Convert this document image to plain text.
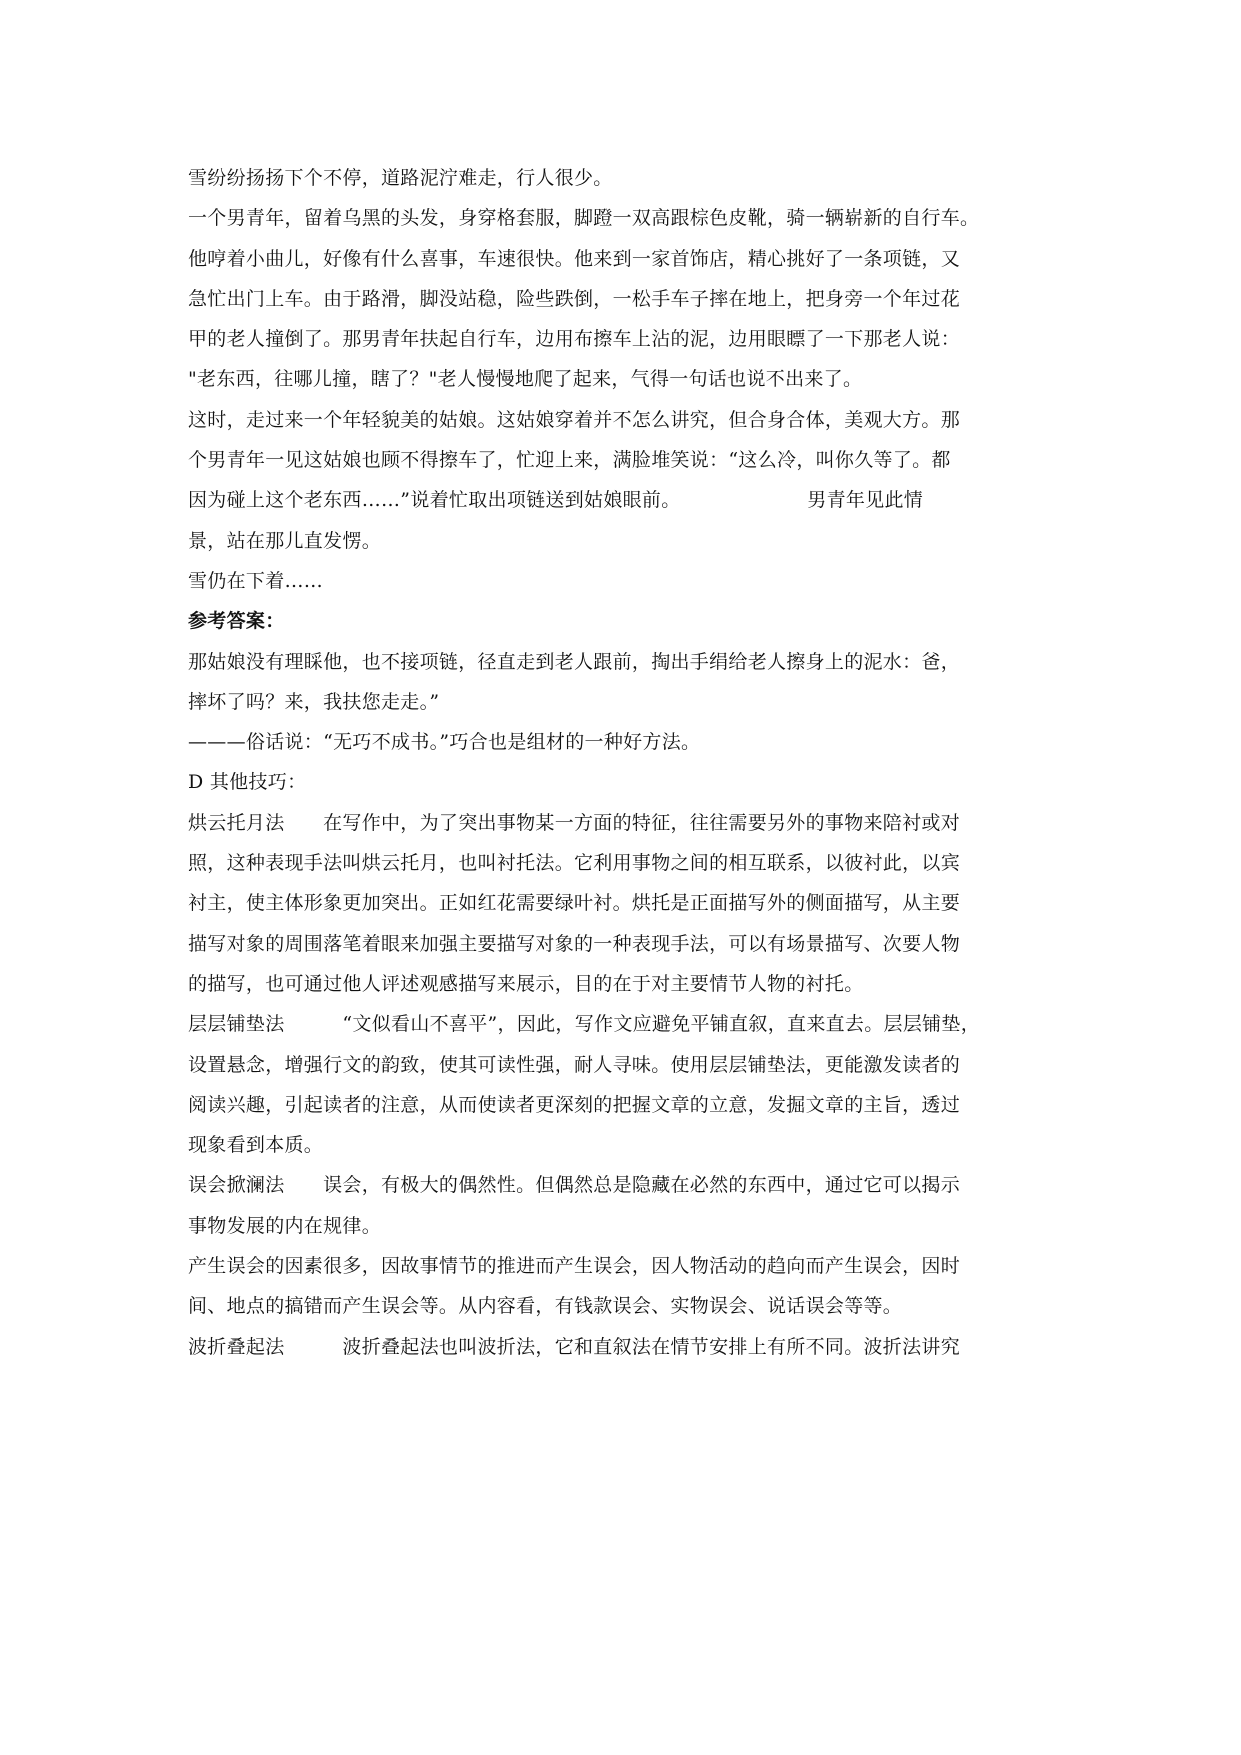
雪纷纷扬扬下个不停，道路泥泞难走，行人很少。
一个男青年，留着乌黑的头发，身穿格套服，脚蹬一双高跟棕色皮靴，骑一辆崭新的自行车。
他哼着小曲儿，好像有什么喜事，车速很快。他来到一家首饰店，精心挑好了一条项链，又
急忙出门上车。由于路滑，脚没站稳，险些跌倒，一松手车子摔在地上，把身旁一个年过花
甲的老人撞倒了。那男青年扶起自行车，边用布擦车上沾的泥，边用眼瞟了一下那老人说：
"老东西，往哪儿撞，瞎了？"老人慢慢地爬了起来，气得一句话也说不出来了。
这时，走过来一个年轻貌美的姑娘。这姑娘穿着并不怎么讲究，但合身合体，美观大方。那
个男青年一见这姑娘也顾不得擦车了，忙迎上来，满脸堆笑说：“这么冷，叫你久等了。都
因为碰上这个老东西……”说着忙取出项链送到姑娘眼前。                    男青年见此情
景，站在那儿直发愣。
雪仍在下着……
参考答案：
那姑娘没有理睬他，也不接项链，径直走到老人跟前，掏出手绢给老人擦身上的泥水：爸，
摔坏了吗？来，我扶您走走。”
———俗话说：“无巧不成书。”巧合也是组材的一种好方法。
D 其他技巧：
烘云托月法　　在写作中，为了突出事物某一方面的特征，往往需要另外的事物来陪衬或对
照，这种表现手法叫烘云托月，也叫衬托法。它利用事物之间的相互联系，以彼衬此，以宾
衬主，使主体形象更加突出。正如红花需要绿叶衬。烘托是正面描写外的侧面描写，从主要
描写对象的周围落笔着眼来加强主要描写对象的一种表现手法，可以有场景描写、次要人物
的描写，也可通过他人评述观感描写来展示，目的在于对主要情节人物的衬托。
层层铺垫法　　　“文似看山不喜平”，因此，写作文应避免平铺直叙，直来直去。层层铺垫，
设置悬念，增强行文的韵致，使其可读性强，耐人寻味。使用层层铺垫法，更能激发读者的
阅读兴趣，引起读者的注意，从而使读者更深刻的把握文章的立意，发掘文章的主旨，透过
现象看到本质。
误会掀澜法　　误会，有极大的偶然性。但偶然总是隐藏在必然的东西中，通过它可以揭示
事物发展的内在规律。
产生误会的因素很多，因故事情节的推进而产生误会，因人物活动的趋向而产生误会，因时
间、地点的搞错而产生误会等。从内容看，有钱款误会、实物误会、说话误会等等。
波折叠起法　　　波折叠起法也叫波折法，它和直叙法在情节安排上有所不同。波折法讲究
